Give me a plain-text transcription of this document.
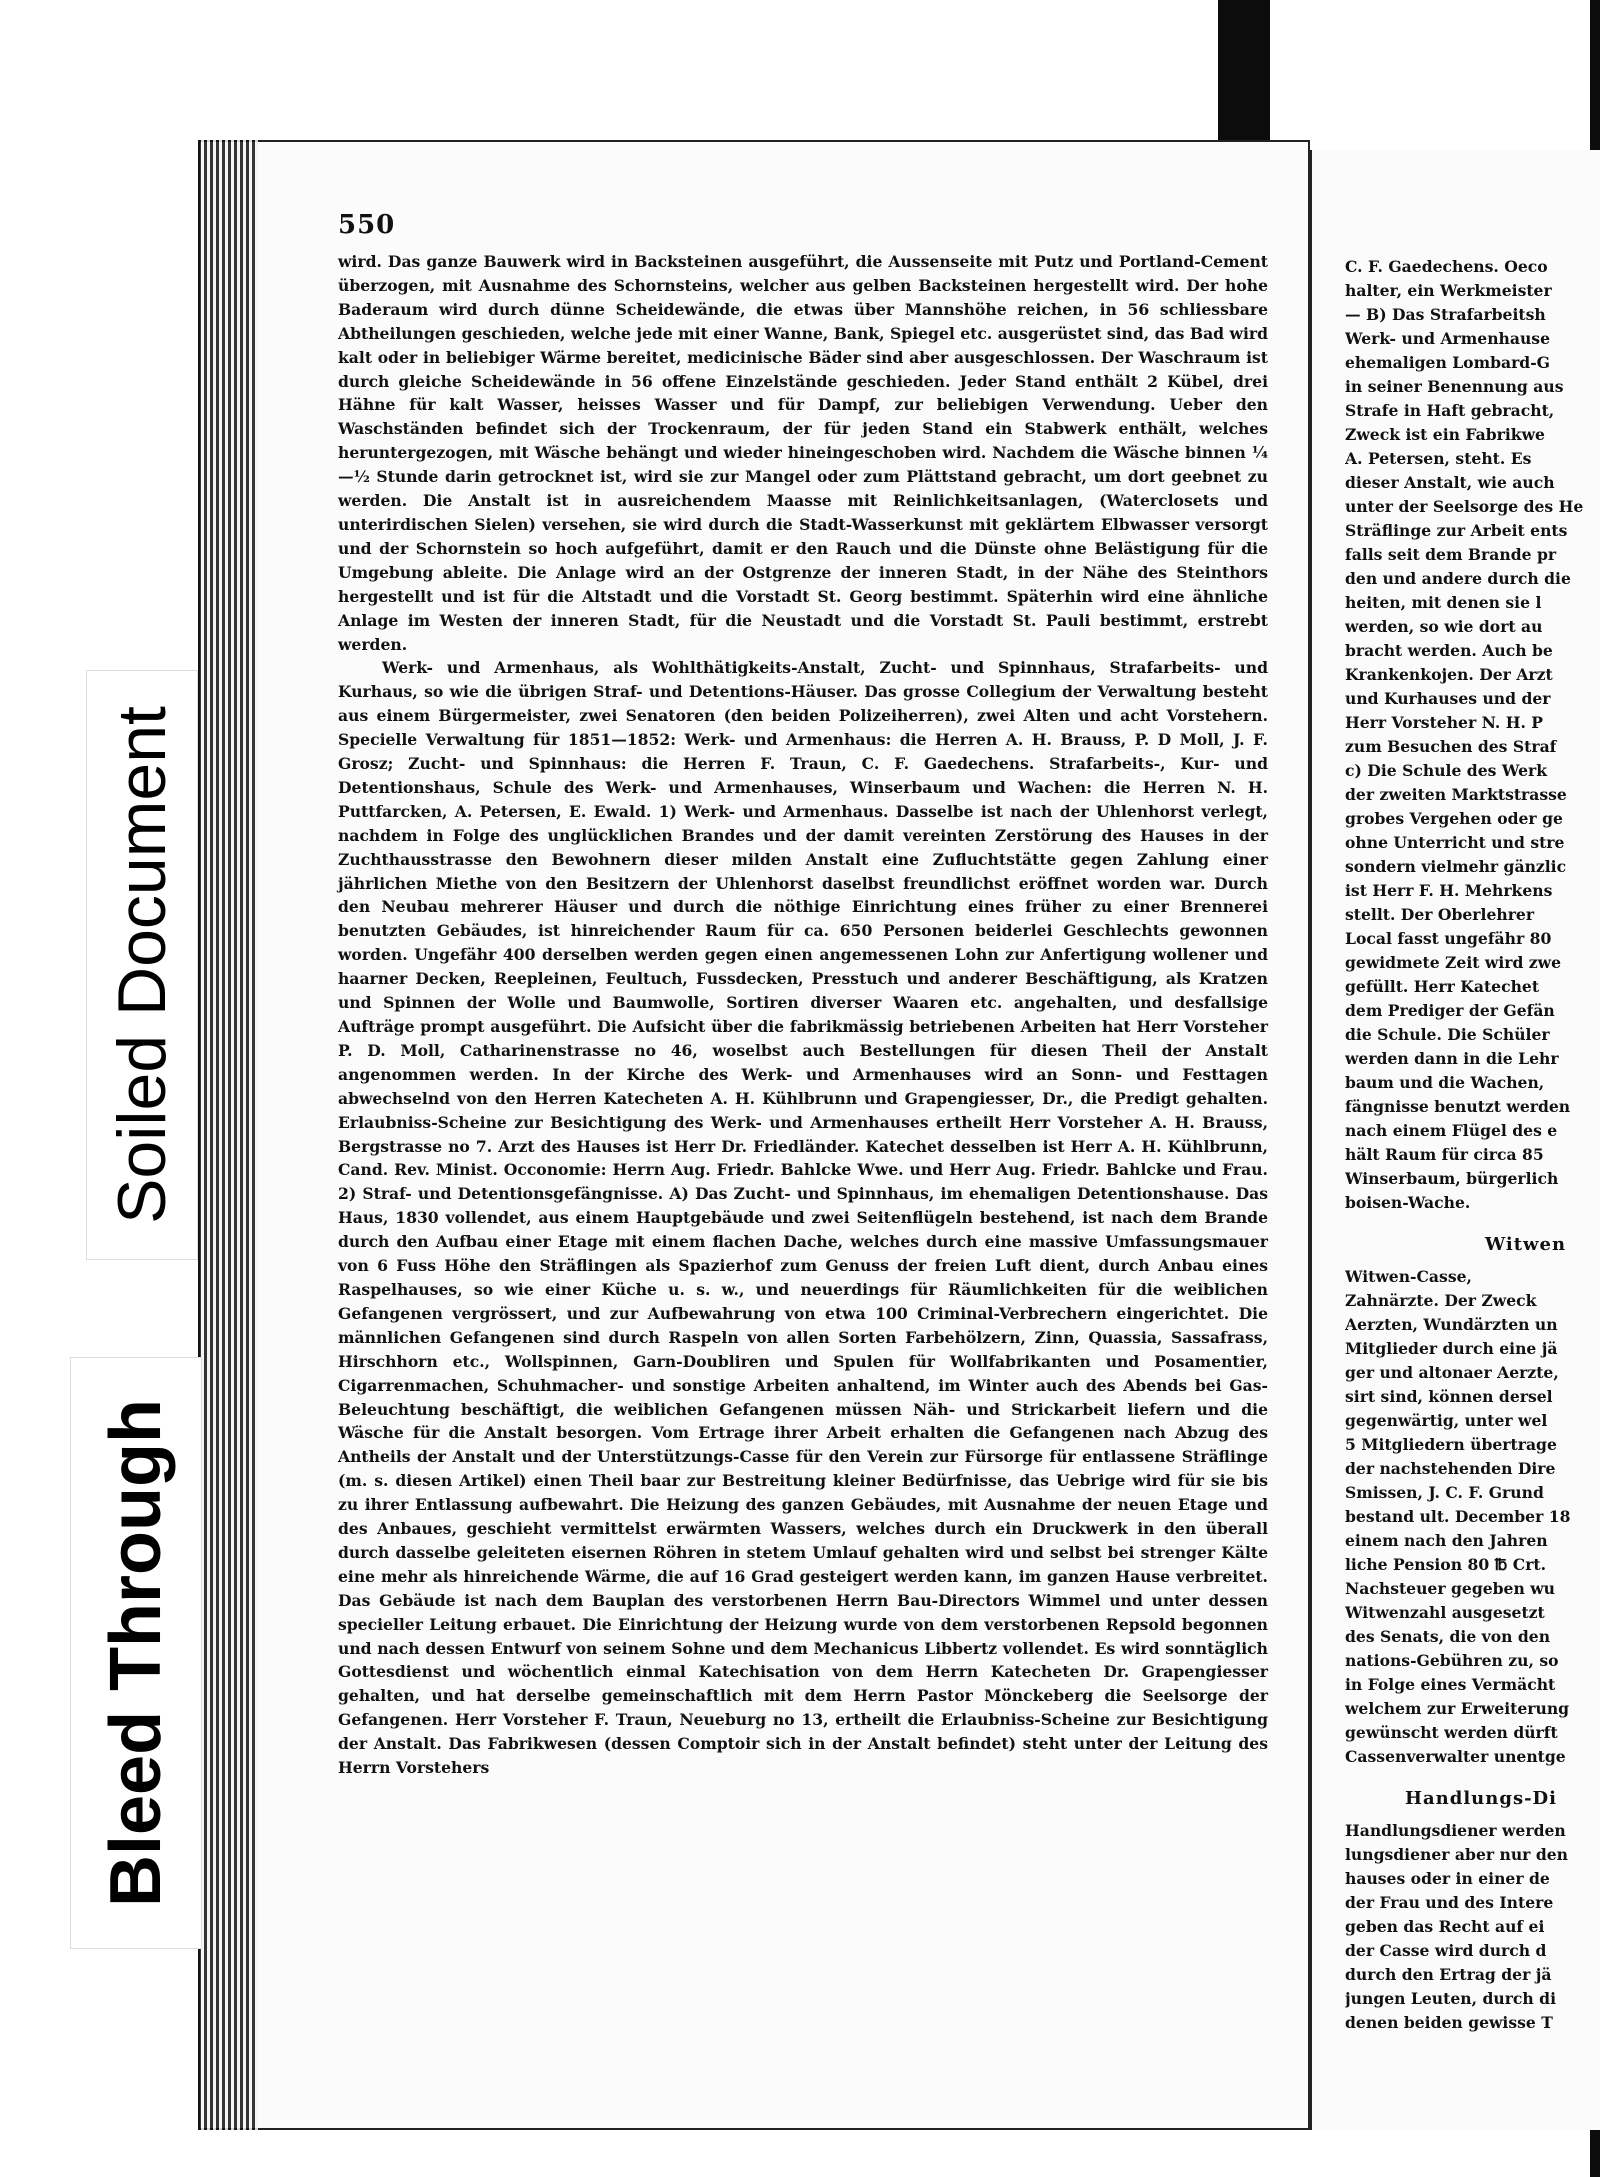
550

wird. Das ganze Bauwerk wird in Backsteinen ausgeführt, die Aussenseite mit Putz und Portland-Cement überzogen, mit Ausnahme des Schornsteins, welcher aus gelben Backsteinen hergestellt wird. Der hohe Baderaum wird durch dünne Scheidewände, die etwas über Mannshöhe reichen, in 56 schliessbare Abtheilungen geschieden, welche jede mit einer Wanne, Bank, Spiegel etc. ausgerüstet sind, das Bad wird kalt oder in beliebiger Wärme bereitet, medicinische Bäder sind aber ausgeschlossen. Der Waschraum ist durch gleiche Scheidewände in 56 offene Einzelstände geschieden. Jeder Stand enthält 2 Kübel, drei Hähne für kalt Wasser, heisses Wasser und für Dampf, zur beliebigen Verwendung. Ueber den Waschständen befindet sich der Trockenraum, der für jeden Stand ein Stabwerk enthält, welches heruntergezogen, mit Wäsche behängt und wieder hineingeschoben wird. Nachdem die Wäsche binnen ¼—½ Stunde darin getrocknet ist, wird sie zur Mangel oder zum Plättstand gebracht, um dort geebnet zu werden. Die Anstalt ist in ausreichendem Maasse mit Reinlichkeitsanlagen, (Waterclosets und unterirdischen Sielen) versehen, sie wird durch die Stadt-Wasserkunst mit geklärtem Elbwasser versorgt und der Schornstein so hoch aufgeführt, damit er den Rauch und die Dünste ohne Belästigung für die Umgebung ableite. Die Anlage wird an der Ostgrenze der inneren Stadt, in der Nähe des Steinthors hergestellt und ist für die Altstadt und die Vorstadt St. Georg bestimmt. Späterhin wird eine ähnliche Anlage im Westen der inneren Stadt, für die Neustadt und die Vorstadt St. Pauli bestimmt, erstrebt werden.

Werk- und Armenhaus, als Wohlthätigkeits-Anstalt, Zucht- und Spinnhaus, Strafarbeits- und Kurhaus, so wie die übrigen Straf- und Detentions-Häuser. Das grosse Collegium der Verwaltung besteht aus einem Bürgermeister, zwei Senatoren (den beiden Polizeiherren), zwei Alten und acht Vorstehern. Specielle Verwaltung für 1851—1852: Werk- und Armenhaus: die Herren A. H. Brauss, P. D Moll, J. F. Grosz; Zucht- und Spinnhaus: die Herren F. Traun, C. F. Gaedechens. Strafarbeits-, Kur- und Detentionshaus, Schule des Werk- und Armenhauses, Winserbaum und Wachen: die Herren N. H. Puttfarcken, A. Petersen, E. Ewald. 1) Werk- und Armenhaus. Dasselbe ist nach der Uhlenhorst verlegt, nachdem in Folge des unglücklichen Brandes und der damit vereinten Zerstörung des Hauses in der Zuchthausstrasse den Bewohnern dieser milden Anstalt eine Zufluchtstätte gegen Zahlung einer jährlichen Miethe von den Besitzern der Uhlenhorst daselbst freundlichst eröffnet worden war. Durch den Neubau mehrerer Häuser und durch die nöthige Einrichtung eines früher zu einer Brennerei benutzten Gebäudes, ist hinreichender Raum für ca. 650 Personen beiderlei Geschlechts gewonnen worden. Ungefähr 400 derselben werden gegen einen angemessenen Lohn zur Anfertigung wollener und haarner Decken, Reepleinen, Feultuch, Fussdecken, Presstuch und anderer Beschäftigung, als Kratzen und Spinnen der Wolle und Baumwolle, Sortiren diverser Waaren etc. angehalten, und desfallsige Aufträge prompt ausgeführt. Die Aufsicht über die fabrikmässig betriebenen Arbeiten hat Herr Vorsteher P. D. Moll, Catharinenstrasse no 46, woselbst auch Bestellungen für diesen Theil der Anstalt angenommen werden. In der Kirche des Werk- und Armenhauses wird an Sonn- und Festtagen abwechselnd von den Herren Katecheten A. H. Kühlbrunn und Grapengiesser, Dr., die Predigt gehalten. Erlaubniss-Scheine zur Besichtigung des Werk- und Armenhauses ertheilt Herr Vorsteher A. H. Brauss, Bergstrasse no 7. Arzt des Hauses ist Herr Dr. Friedländer. Katechet desselben ist Herr A. H. Kühlbrunn, Cand. Rev. Minist. Occonomie: Herrn Aug. Friedr. Bahlcke Wwe. und Herr Aug. Friedr. Bahlcke und Frau. 2) Straf- und Detentionsgefängnisse. A) Das Zucht- und Spinnhaus, im ehemaligen Detentionshause. Das Haus, 1830 vollendet, aus einem Hauptgebäude und zwei Seitenflügeln bestehend, ist nach dem Brande durch den Aufbau einer Etage mit einem flachen Dache, welches durch eine massive Umfassungsmauer von 6 Fuss Höhe den Sträflingen als Spazierhof zum Genuss der freien Luft dient, durch Anbau eines Raspelhauses, so wie einer Küche u. s. w., und neuerdings für Räumlichkeiten für die weiblichen Gefangenen vergrössert, und zur Aufbewahrung von etwa 100 Criminal-Verbrechern eingerichtet. Die männlichen Gefangenen sind durch Raspeln von allen Sorten Farbehölzern, Zinn, Quassia, Sassafrass, Hirschhorn etc., Wollspinnen, Garn-Doubliren und Spulen für Wollfabrikanten und Posamentier, Cigarrenmachen, Schuhmacher- und sonstige Arbeiten anhaltend, im Winter auch des Abends bei Gas-Beleuchtung beschäftigt, die weiblichen Gefangenen müssen Näh- und Strickarbeit liefern und die Wäsche für die Anstalt besorgen. Vom Ertrage ihrer Arbeit erhalten die Gefangenen nach Abzug des Antheils der Anstalt und der Unterstützungs-Casse für den Verein zur Fürsorge für entlassene Sträflinge (m. s. diesen Artikel) einen Theil baar zur Bestreitung kleiner Bedürfnisse, das Uebrige wird für sie bis zu ihrer Entlassung aufbewahrt. Die Heizung des ganzen Gebäudes, mit Ausnahme der neuen Etage und des Anbaues, geschieht vermittelst erwärmten Wassers, welches durch ein Druckwerk in den überall durch dasselbe geleiteten eisernen Röhren in stetem Umlauf gehalten wird und selbst bei strenger Kälte eine mehr als hinreichende Wärme, die auf 16 Grad gesteigert werden kann, im ganzen Hause verbreitet. Das Gebäude ist nach dem Bauplan des verstorbenen Herrn Bau-Directors Wimmel und unter dessen specieller Leitung erbauet. Die Einrichtung der Heizung wurde von dem verstorbenen Repsold begonnen und nach dessen Entwurf von seinem Sohne und dem Mechanicus Libbertz vollendet. Es wird sonntäglich Gottesdienst und wöchentlich einmal Katechisation von dem Herrn Katecheten Dr. Grapengiesser gehalten, und hat derselbe gemeinschaftlich mit dem Herrn Pastor Mönckeberg die Seelsorge der Gefangenen. Herr Vorsteher F. Traun, Neueburg no 13, ertheilt die Erlaubniss-Scheine zur Besichtigung der Anstalt. Das Fabrikwesen (dessen Comptoir sich in der Anstalt befindet) steht unter der Leitung des Herrn Vorstehers

C. F. Gaedechens. Oeco
halter, ein Werkmeister
— B) Das Strafarbeitsh
Werk- und Armenhause
ehemaligen Lombard-G
in seiner Benennung aus
Strafe in Haft gebracht,
Zweck ist ein Fabrikwe
A. Petersen, steht. Es
dieser Anstalt, wie auch
unter der Seelsorge des He
Sträflinge zur Arbeit ents
falls seit dem Brande pr
den und andere durch die
heiten, mit denen sie l
werden, so wie dort au
bracht werden. Auch be
Krankenkojen. Der Arzt
und Kurhauses und der
Herr Vorsteher N. H. P
zum Besuchen des Straf
c) Die Schule des Werk
der zweiten Marktstrasse
grobes Vergehen oder ge
ohne Unterricht und stre
sondern vielmehr gänzlic
ist Herr F. H. Mehrkens
stellt. Der Oberlehrer
Local fasst ungefähr 80
gewidmete Zeit wird zwe
gefüllt. Herr Katechet
dem Prediger der Gefän
die Schule. Die Schüler
werden dann in die Lehr
baum und die Wachen,
fängnisse benutzt werden
nach einem Flügel des e
hält Raum für circa 85
Winserbaum, bürgerlich
boisen-Wache.
Witwen
Witwen-Casse,
Zahnärzte. Der Zweck
Aerzten, Wundärzten un
Mitglieder durch eine jä
ger und altonaer Aerzte,
sirt sind, können dersel
gegenwärtig, unter wel
5 Mitgliedern übertrage
der nachstehenden Dire
Smissen, J. C. F. Grund
bestand ult. December 18
einem nach den Jahren
liche Pension 80 ℔ Crt.
Nachsteuer gegeben wu
Witwenzahl ausgesetzt
des Senats, die von den
nations-Gebühren zu, so
in Folge eines Vermächt
welchem zur Erweiterung
gewünscht werden dürft
Cassenverwalter unentge
Handlungs-Di
Handlungsdiener werden
lungsdiener aber nur den
hauses oder in einer de
der Frau und des Intere
geben das Recht auf ei
der Casse wird durch d
durch den Ertrag der jä
jungen Leuten, durch di
denen beiden gewisse T
Soiled Document
Bleed Through
